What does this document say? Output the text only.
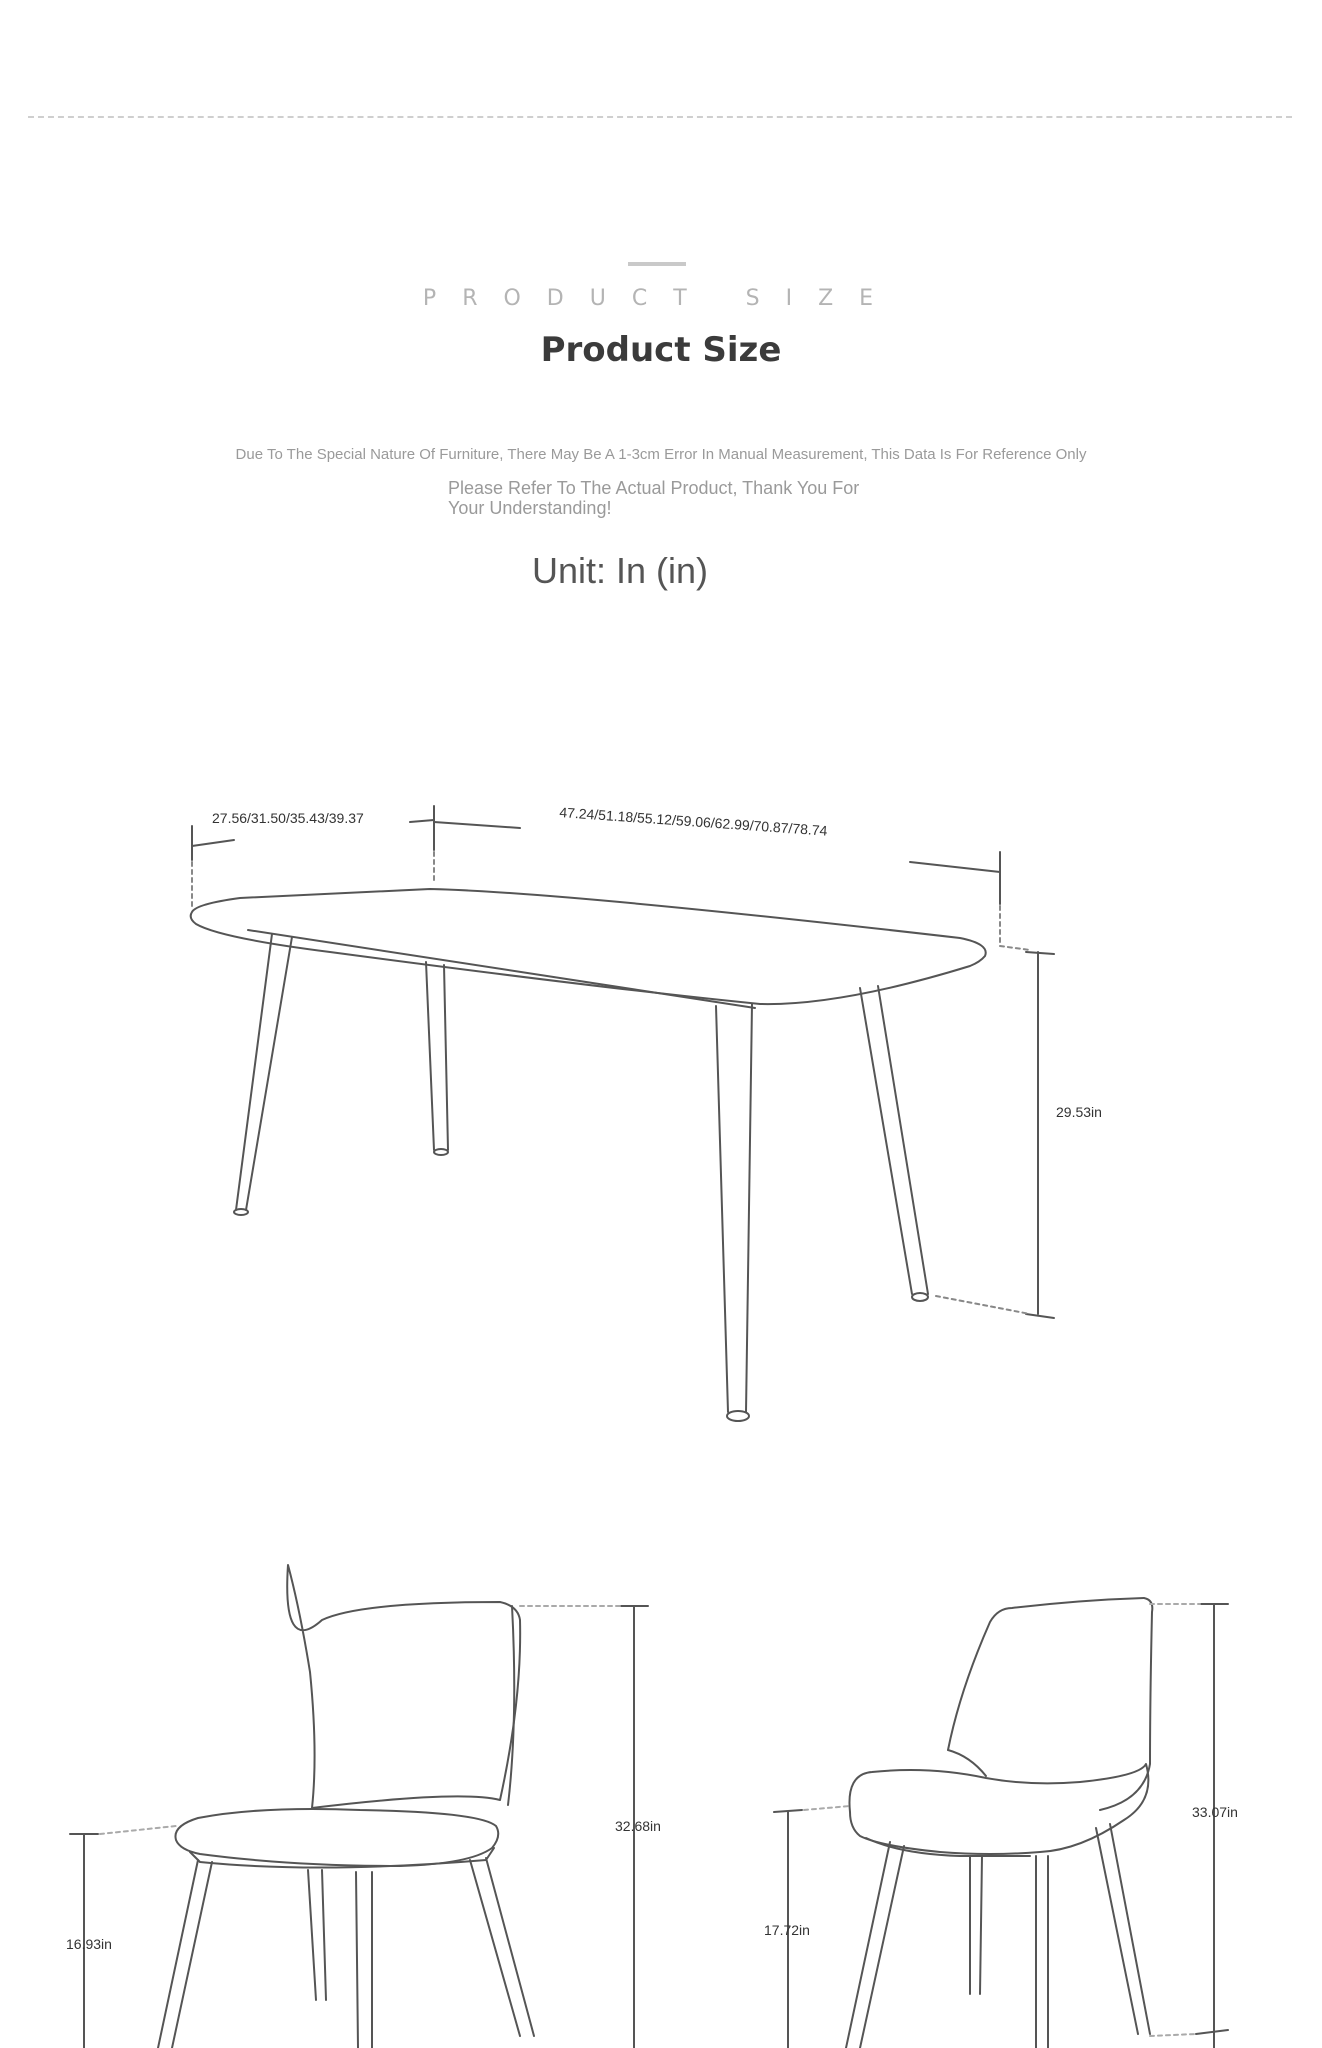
PRODUCT SIZE
Product Size
Due To The Special Nature Of Furniture, There May Be A 1-3cm Error In Manual Measurement, This Data Is For Reference Only
Please Refer To The Actual Product, Thank You For Your Understanding!
Unit: In (in)
27.56/31.50/35.43/39.37	47.24/51.18/55.12/59.06/62.99/70.87/78.74
29.53in
16.93in
32.68in
17.72in
33.07in
